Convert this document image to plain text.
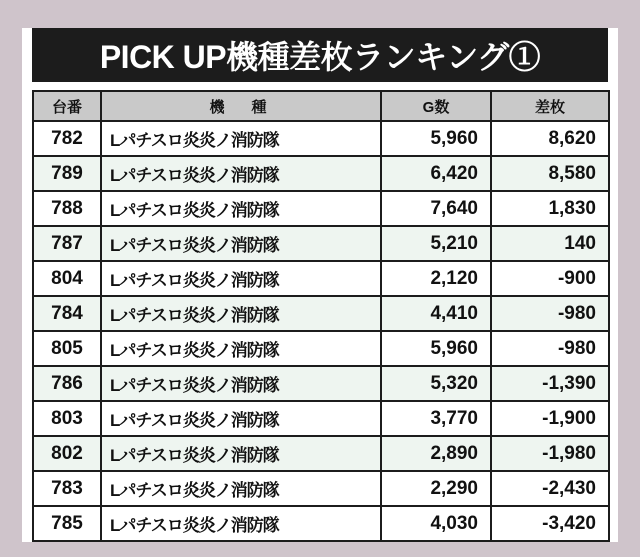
PICK UP機種差枚ランキング①
台番	機　種	G数	差枚
782	Lパチスロ炎炎ノ消防隊	5,960	8,620
789	Lパチスロ炎炎ノ消防隊	6,420	8,580
788	Lパチスロ炎炎ノ消防隊	7,640	1,830
787	Lパチスロ炎炎ノ消防隊	5,210	140
804	Lパチスロ炎炎ノ消防隊	2,120	-900
784	Lパチスロ炎炎ノ消防隊	4,410	-980
805	Lパチスロ炎炎ノ消防隊	5,960	-980
786	Lパチスロ炎炎ノ消防隊	5,320	-1,390
803	Lパチスロ炎炎ノ消防隊	3,770	-1,900
802	Lパチスロ炎炎ノ消防隊	2,890	-1,980
783	Lパチスロ炎炎ノ消防隊	2,290	-2,430
785	Lパチスロ炎炎ノ消防隊	4,030	-3,420
